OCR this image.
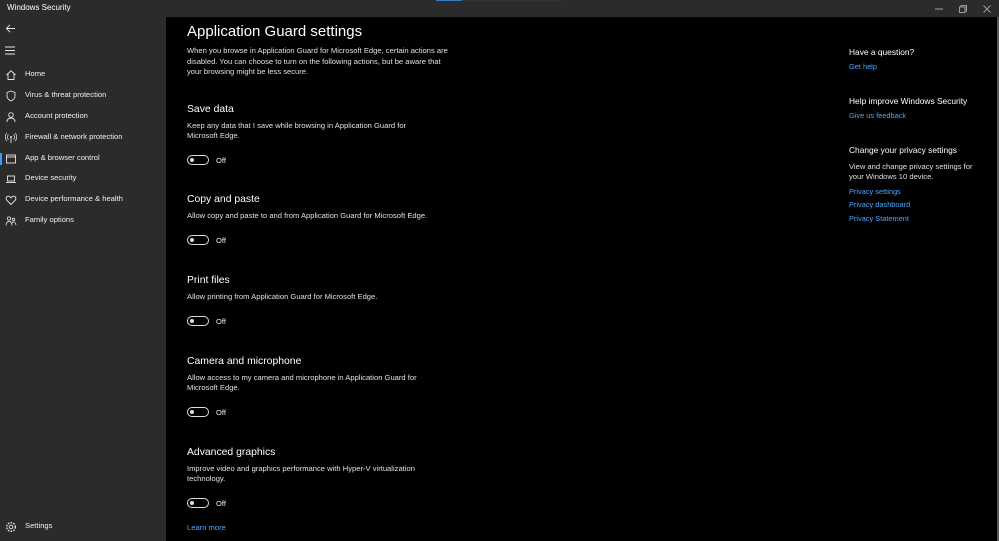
Windows Security
Home
Virus & threat protection
Account protection
Firewall & network protection
App & browser control
Device security
Device performance & health
Family options
Settings
Application Guard settings
When you browse in Application Guard for Microsoft Edge, certain actions are disabled. You can choose to turn on the following actions, but be aware that your browsing might be less secure.
Save data
Keep any data that I save while browsing in Application Guard for Microsoft Edge.
Off
Copy and paste
Allow copy and paste to and from Application Guard for Microsoft Edge.
Off
Print files
Allow printing from Application Guard for Microsoft Edge.
Off
Camera and microphone
Allow access to my camera and microphone in Application Guard for Microsoft Edge.
Off
Advanced graphics
Improve video and graphics performance with Hyper-V virtualization technology.
Off
Learn more
Have a question?
Get help
Help improve Windows Security
Give us feedback
Change your privacy settings
View and change privacy settings for your Windows 10 device.
Privacy settings
Privacy dashboard
Privacy Statement
